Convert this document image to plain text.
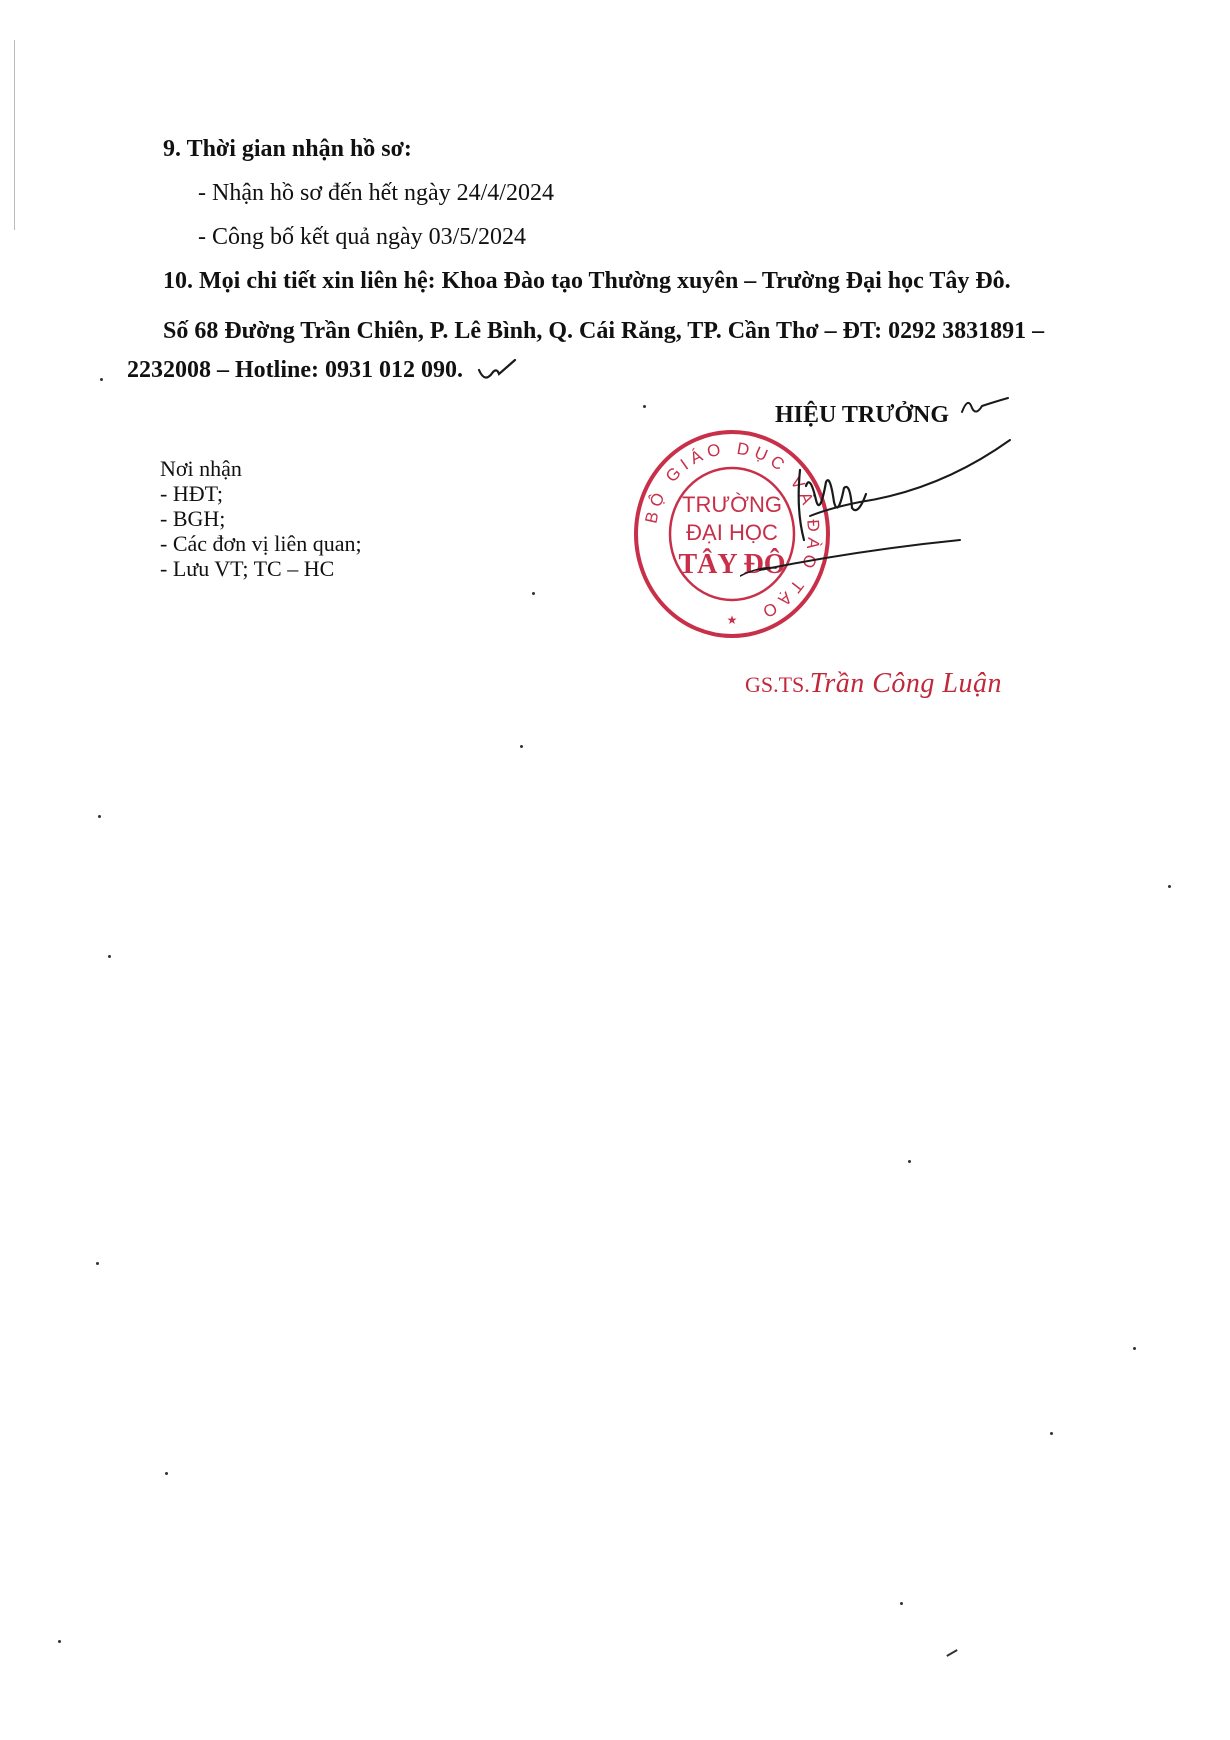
9. Thời gian nhận hồ sơ:
- Nhận hồ sơ đến hết ngày 24/4/2024
- Công bố kết quả ngày 03/5/2024
10. Mọi chi tiết xin liên hệ: Khoa Đào tạo Thường xuyên – Trường Đại học Tây Đô.
Số 68 Đường Trần Chiên, P. Lê Bình, Q. Cái Răng, TP. Cần Thơ – ĐT: 0292 3831891 –
2232008 – Hotline: 0931 012 090.
HIỆU TRƯỞNG
Nơi nhận
- HĐT;
- BGH;
- Các đơn vị liên quan;
- Lưu VT; TC – HC
BỘ GIÁO DỤC VÀ ĐÀO TẠO
TRƯỜNG
ĐẠI HỌC
TÂY ĐÔ
★
GS.TS.Trần Công Luận
